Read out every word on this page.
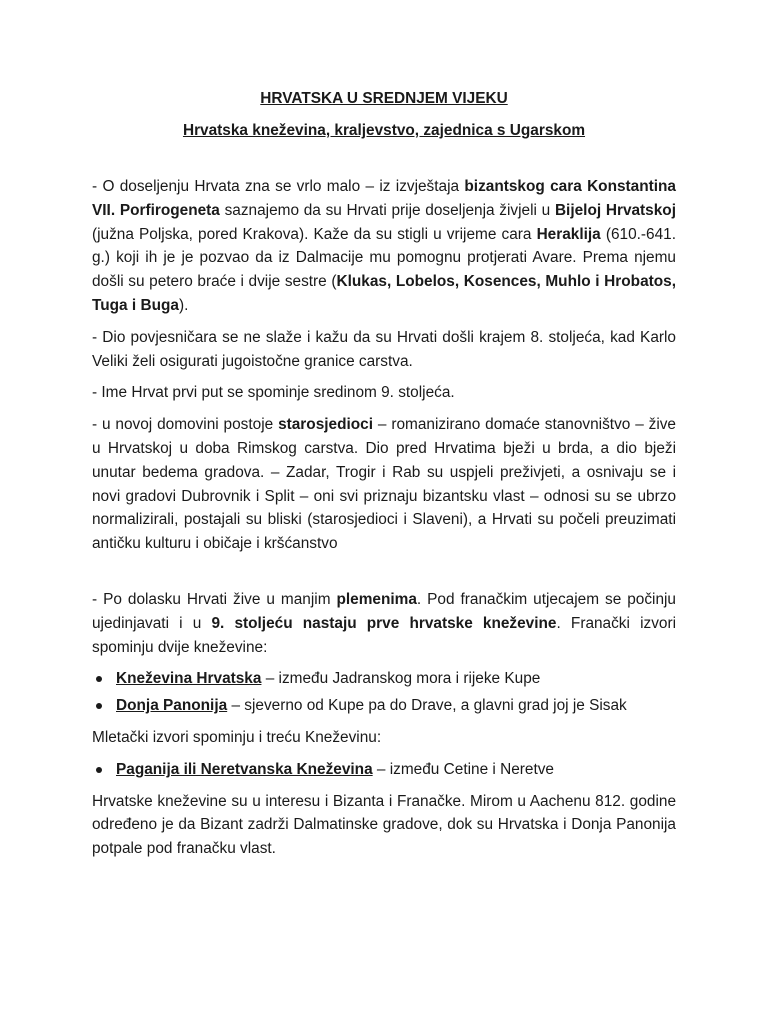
HRVATSKA U SREDNJEM VIJEKU
Hrvatska kneževina, kraljevstvo, zajednica s Ugarskom

- O doseljenju Hrvata zna se vrlo malo – iz izvještaja bizantskog cara Konstantina VII. Porfirogeneta saznajemo da su Hrvati prije doseljenja živjeli u Bijeloj Hrvatskoj (južna Poljska, pored Krakova). Kaže da su stigli u vrijeme cara Heraklija (610.-641. g.) koji ih je je pozvao da iz Dalmacije mu pomognu protjerati Avare. Prema njemu došli su petero braće i dvije sestre (Klukas, Lobelos, Kosences, Muhlo i Hrobatos, Tuga i Buga).

- Dio povjesničara se ne slaže i kažu da su Hrvati došli krajem 8. stoljeća, kad Karlo Veliki želi osigurati jugoistočne granice carstva.

- Ime Hrvat prvi put se spominje sredinom 9. stoljeća.

- u novoj domovini postoje starosjedioci – romanizirano domaće stanovništvo – žive u Hrvatskoj u doba Rimskog carstva. Dio pred Hrvatima bježi u brda, a dio bježi unutar bedema gradova. – Zadar, Trogir i Rab su uspjeli preživjeti, a osnivaju se i novi gradovi Dubrovnik i Split – oni svi priznaju bizantsku vlast – odnosi su se ubrzo normalizirali, postajali su bliski (starosjedioci i Slaveni), a Hrvati su počeli preuzimati antičku kulturu i običaje i kršćanstvo

- Po dolasku Hrvati žive u manjim plemenima. Pod franačkim utjecajem se počinju ujedinjavati i u 9. stoljeću nastaju prve hrvatske kneževine. Franački izvori spominju dvije kneževine:

Kneževina Hrvatska – između Jadranskog mora i rijeke Kupe
Donja Panonija – sjeverno od Kupe pa do Drave, a glavni grad joj je Sisak

Mletački izvori spominju i treću Kneževinu:

Paganija ili Neretvanska Kneževina – između Cetine i Neretve

Hrvatske kneževine su u interesu i Bizanta i Franačke. Mirom u Aachenu 812. godine određeno je da Bizant zadrži Dalmatinske gradove, dok su Hrvatska i Donja Panonija potpale pod franačku vlast.
